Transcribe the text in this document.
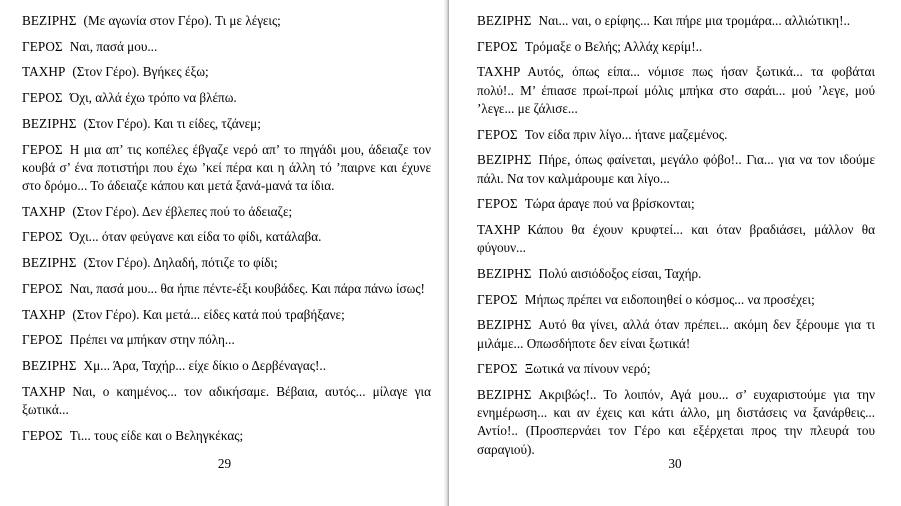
ΒΕΖΙΡΗΣ (Με αγωνία στον Γέρο). Τι με λέγεις;

ΓΕΡΟΣ Ναι, πασά μου...

ΤΑΧΗΡ (Στον Γέρο). Βγήκες έξω;

ΓΕΡΟΣ Όχι, αλλά έχω τρόπο να βλέπω.

ΒΕΖΙΡΗΣ (Στον Γέρο). Και τι είδες, τζάνεμ;

ΓΕΡΟΣ Η μια απ’ τις κοπέλες έβγαζε νερό απ’ το πηγάδι μου, άδειαζε τον κουβά σ’ ένα ποτιστήρι που έχω ’κεί πέρα και η άλλη τό ’παιρνε και έχυνε στο δρόμο... Το άδειαζε κάπου και μετά ξανά-μανά τα ίδια.

ΤΑΧΗΡ (Στον Γέρο). Δεν έβλεπες πού το άδειαζε;

ΓΕΡΟΣ Όχι... όταν φεύγανε και είδα το φίδι, κατάλαβα.

ΒΕΖΙΡΗΣ (Στον Γέρο). Δηλαδή, πότιζε το φίδι;

ΓΕΡΟΣ Ναι, πασά μου... θα ήπιε πέντε-έξι κουβάδες. Και πάρα πάνω ίσως!

ΤΑΧΗΡ (Στον Γέρο). Και μετά... είδες κατά πού τραβήξανε;

ΓΕΡΟΣ Πρέπει να μπήκαν στην πόλη...

ΒΕΖΙΡΗΣ Χμ... Άρα, Ταχήρ... είχε δίκιο ο Δερβέναγας!..

ΤΑΧΗΡ Ναι, ο καημένος... τον αδικήσαμε. Βέβαια, αυτός... μίλαγε για ξωτικά...

ΓΕΡΟΣ Τι... τους είδε και ο Βεληγκέκας;

29

ΒΕΖΙΡΗΣ Ναι... ναι, ο ερίφης... Και πήρε μια τρομάρα... αλλιώτικη!..

ΓΕΡΟΣ Τρόμαξε ο Βελής; Αλλάχ κερίμ!..

ΤΑΧΗΡ Αυτός, όπως είπα... νόμισε πως ήσαν ξωτικά... τα φοβάται πολύ!.. Μ’ έπιασε πρωί-πρωί μόλις μπήκα στο σαράι... μού ’λεγε, μού ’λεγε... με ζάλισε...

ΓΕΡΟΣ Τον είδα πριν λίγο... ήτανε μαζεμένος.

ΒΕΖΙΡΗΣ Πήρε, όπως φαίνεται, μεγάλο φόβο!.. Για... για να τον ιδούμε πάλι. Να τον καλμάρουμε και λίγο...

ΓΕΡΟΣ Τώρα άραγε πού να βρίσκονται;

ΤΑΧΗΡ Κάπου θα έχουν κρυφτεί... και όταν βραδιάσει, μάλλον θα φύγουν...

ΒΕΖΙΡΗΣ Πολύ αισιόδοξος είσαι, Ταχήρ.

ΓΕΡΟΣ Μήπως πρέπει να ειδοποιηθεί ο κόσμος... να προσέχει;

ΒΕΖΙΡΗΣ Αυτό θα γίνει, αλλά όταν πρέπει... ακόμη δεν ξέρουμε για τι μιλάμε... Οπωσδήποτε δεν είναι ξωτικά!

ΓΕΡΟΣ Ξωτικά να πίνουν νερό;

ΒΕΖΙΡΗΣ Ακριβώς!.. Το λοιπόν, Αγά μου... σ’ ευχαριστούμε για την ενημέρωση... και αν έχεις και κάτι άλλο, μη διστάσεις να ξανάρθεις... Αντίο!.. (Προσπερνάει τον Γέρο και εξέρχεται προς την πλευρά του σαραγιού).

30
